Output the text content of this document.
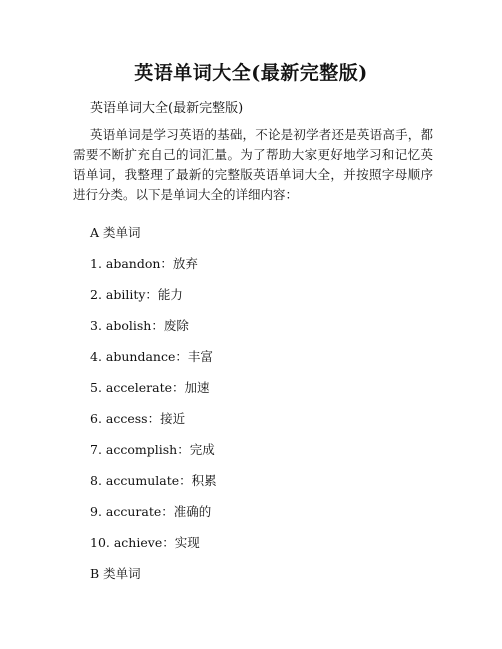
英语单词大全(最新完整版)
英语单词大全(最新完整版)

英语单词是学习英语的基础，不论是初学者还是英语高手，都需要不断扩充自己的词汇量。为了帮助大家更好地学习和记忆英语单词，我整理了最新的完整版英语单词大全，并按照字母顺序进行分类。以下是单词大全的详细内容：

A 类单词
1. abandon：放弃
2. ability：能力
3. abolish：废除
4. abundance：丰富
5. accelerate：加速
6. access：接近
7. accomplish：完成
8. accumulate：积累
9. accurate：准确的
10. achieve：实现
B 类单词
